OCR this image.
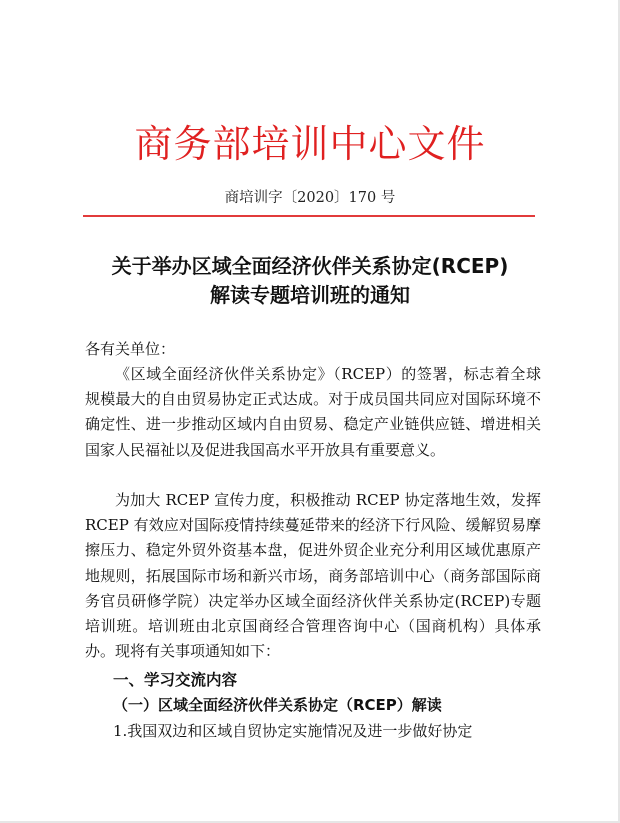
商务部培训中心文件
商培训字〔2020〕170 号
关于举办区域全面经济伙伴关系协定(RCEP)
解读专题培训班的通知
各有关单位：
《区域全面经济伙伴关系协定》（RCEP）的签署，标志着全球规模最大的自由贸易协定正式达成。对于成员国共同应对国际环境不确定性、进一步推动区域内自由贸易、稳定产业链供应链、增进相关国家人民福祉以及促进我国高水平开放具有重要意义。
为加大 RCEP 宣传力度，积极推动 RCEP 协定落地生效，发挥 RCEP 有效应对国际疫情持续蔓延带来的经济下行风险、缓解贸易摩擦压力、稳定外贸外资基本盘，促进外贸企业充分利用区域优惠原产地规则，拓展国际市场和新兴市场，商务部培训中心（商务部国际商务官员研修学院）决定举办区域全面经济伙伴关系协定(RCEP)专题培训班。培训班由北京国商经合管理咨询中心（国商机构）具体承办。现将有关事项通知如下：
一、学习交流内容
（一）区域全面经济伙伴关系协定（RCEP）解读
1.我国双边和区域自贸协定实施情况及进一步做好协定
